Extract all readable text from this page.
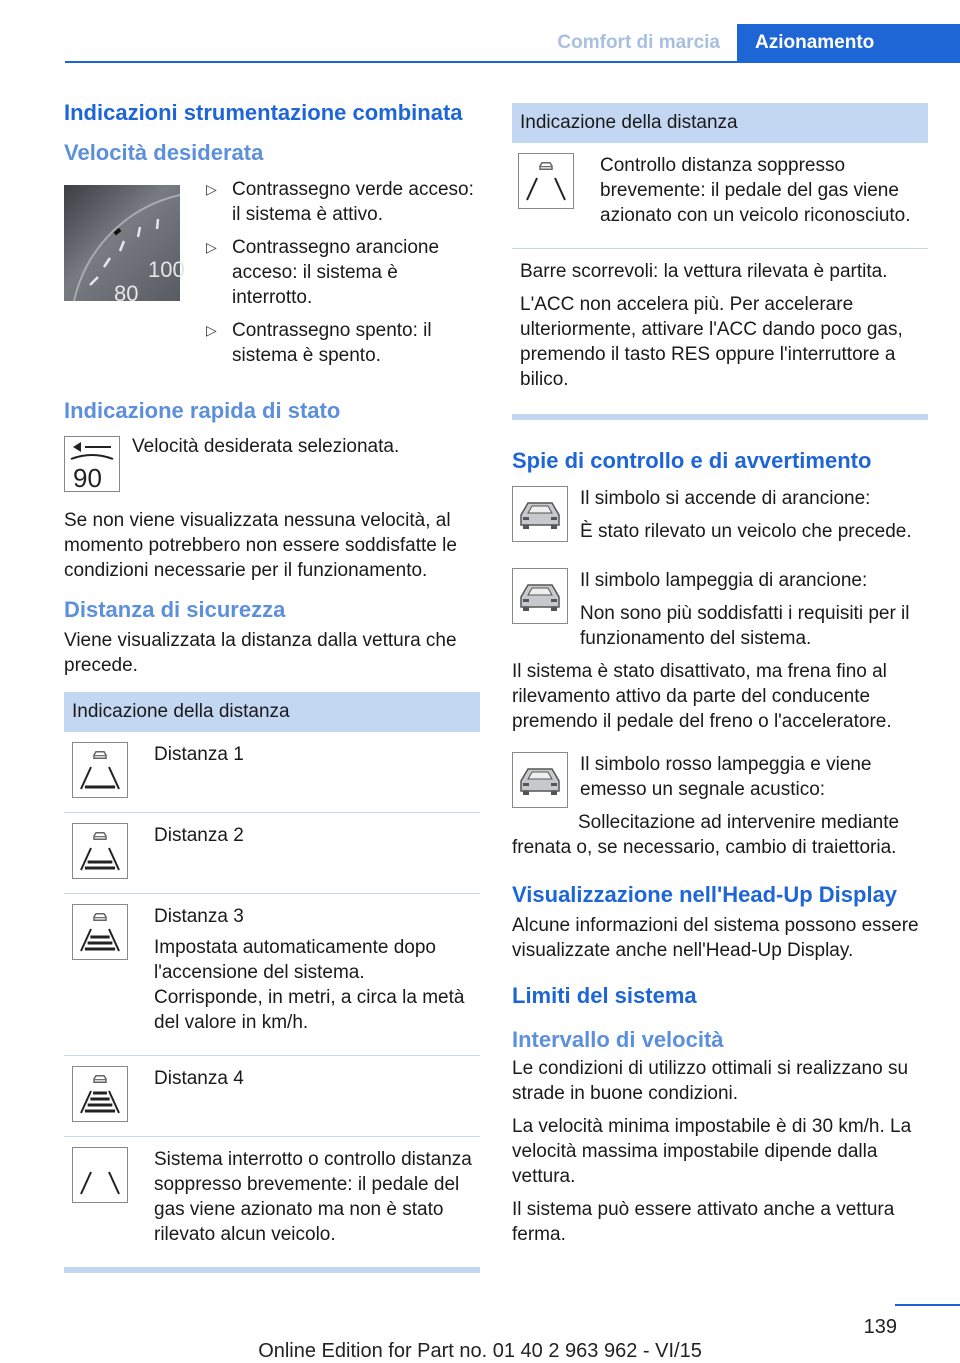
Comfort di marcia	Azionamento
Indicazioni strumentazione combinata
Velocità desiderata
100
80
▷ Contrassegno verde acceso: il sistema è attivo.
▷ Contrassegno arancione acceso: il sistema è interrotto.
▷ Contrassegno spento: il sistema è spento.
Indicazione rapida di stato
90

Velocità desiderata selezionata.

Se non viene visualizzata nessuna velocità, al momento potrebbero non essere soddisfatte le condizioni necessarie per il funzionamento.

Distanza di sicurezza

Viene visualizzata la distanza dalla vettura che precede.

Indicazione della distanza

Distanza 1

Distanza 2

Distanza 3

Impostata automaticamente dopo l'accensione del sistema. Corrisponde, in metri, a circa la metà del valore in km/h.

Distanza 4

Sistema interrotto o controllo distanza soppresso brevemente: il pedale del gas viene azionato ma non è stato rilevato alcun veicolo.

Indicazione della distanza

Controllo distanza soppresso brevemente: il pedale del gas viene azionato con un veicolo riconosciuto.

Barre scorrevoli: la vettura rilevata è partita.

L'ACC non accelera più. Per accelerare ulteriormente, attivare l'ACC dando poco gas, premendo il tasto RES oppure l'interruttore a bilico.

Spie di controllo e di avvertimento

Il simbolo si accende di arancione:

È stato rilevato un veicolo che precede.

Il simbolo lampeggia di arancione:

Non sono più soddisfatti i requisiti per il funzionamento del sistema.

Il sistema è stato disattivato, ma frena fino al rilevamento attivo da parte del conducente premendo il pedale del freno o l'acceleratore.

Il simbolo rosso lampeggia e viene emesso un segnale acustico:

Sollecitazione ad intervenire mediante frenata o, se necessario, cambio di traiettoria.

Visualizzazione nell'Head-Up Display

Alcune informazioni del sistema possono essere visualizzate anche nell'Head-Up Display.

Limiti del sistema
Intervallo di velocità

Le condizioni di utilizzo ottimali si realizzano su strade in buone condizioni.

La velocità minima impostabile è di 30 km/h. La velocità massima impostabile dipende dalla vettura.

Il sistema può essere attivato anche a vettura ferma.

139
Online Edition for Part no. 01 40 2 963 962 - VI/15
